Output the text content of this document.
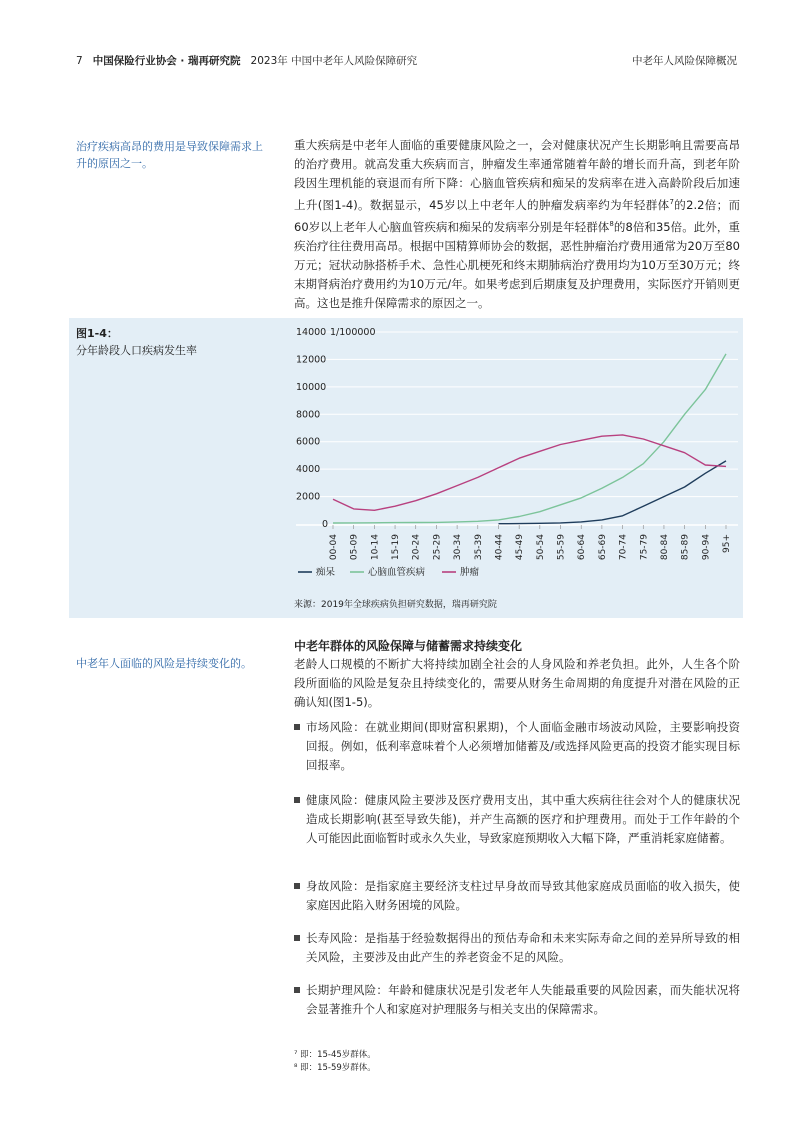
7 中国保险行业协会 · 瑞再研究院 2023年 中国中老年人风险保障研究	中老年人风险保障概况
治疗疾病高昂的费用是导致保障需求上升的原因之一。
重大疾病是中老年人面临的重要健康风险之一，会对健康状况产生长期影响且需要高昂的治疗费用。就高发重大疾病而言，肿瘤发生率通常随着年龄的增长而升高，到老年阶段因生理机能的衰退而有所下降：心脑血管疾病和痴呆的发病率在进入高龄阶段后加速上升(图1-4)。数据显示，45岁以上中老年人的肿瘤发病率约为年轻群体$^7$的2.2倍；而60岁以上老年人心脑血管疾病和痴呆的发病率分别是年轻群体$^8$的8倍和35倍。此外，重疾治疗往往费用高昂。根据中国精算师协会的数据，恶性肿瘤治疗费用通常为20万至80万元；冠状动脉搭桥手术、急性心肌梗死和终末期肺病治疗费用均为10万至30万元；终末期肾病治疗费用约为10万元/年。如果考虑到后期康复及护理费用，实际医疗开销则更高。这也是推升保障需求的原因之一。
图1-4：
分年龄段人口疾病发生率
14000
12000
10000
8000
6000
4000
2000
0
1/100000
00-04 05-09 10-14 15-19 20-24 25-29 30-34 35-39 40-44 45-49 50-54 55-59 60-64 65-69 70-74 75-79 80-84 85-89 90-94 95+
痴呆	心脑血管疾病	肿瘤
来源：2019年全球疾病负担研究数据，瑞再研究院
中老年人面临的风险是持续变化的。
中老年群体的风险保障与储蓄需求持续变化
老龄人口规模的不断扩大将持续加剧全社会的人身风险和养老负担。此外，人生各个阶段所面临的风险是复杂且持续变化的，需要从财务生命周期的角度提升对潜在风险的正确认知(图1-5)。
市场风险：在就业期间(即财富积累期)，个人面临金融市场波动风险，主要影响投资回报。例如，低利率意味着个人必须增加储蓄及/或选择风险更高的投资才能实现目标回报率。
健康风险：健康风险主要涉及医疗费用支出，其中重大疾病往往会对个人的健康状况造成长期影响(甚至导致失能)，并产生高额的医疗和护理费用。而处于工作年龄的个人可能因此面临暂时或永久失业，导致家庭预期收入大幅下降，严重消耗家庭储蓄。
身故风险：是指家庭主要经济支柱过早身故而导致其他家庭成员面临的收入损失，使家庭因此陷入财务困境的风险。
长寿风险：是指基于经验数据得出的预估寿命和未来实际寿命之间的差异所导致的相关风险，主要涉及由此产生的养老资金不足的风险。
长期护理风险：年龄和健康状况是引发老年人失能最重要的风险因素，而失能状况将会显著推升个人和家庭对护理服务与相关支出的保障需求。
⁷ 即：15-45岁群体。
⁸ 即：15-59岁群体。
